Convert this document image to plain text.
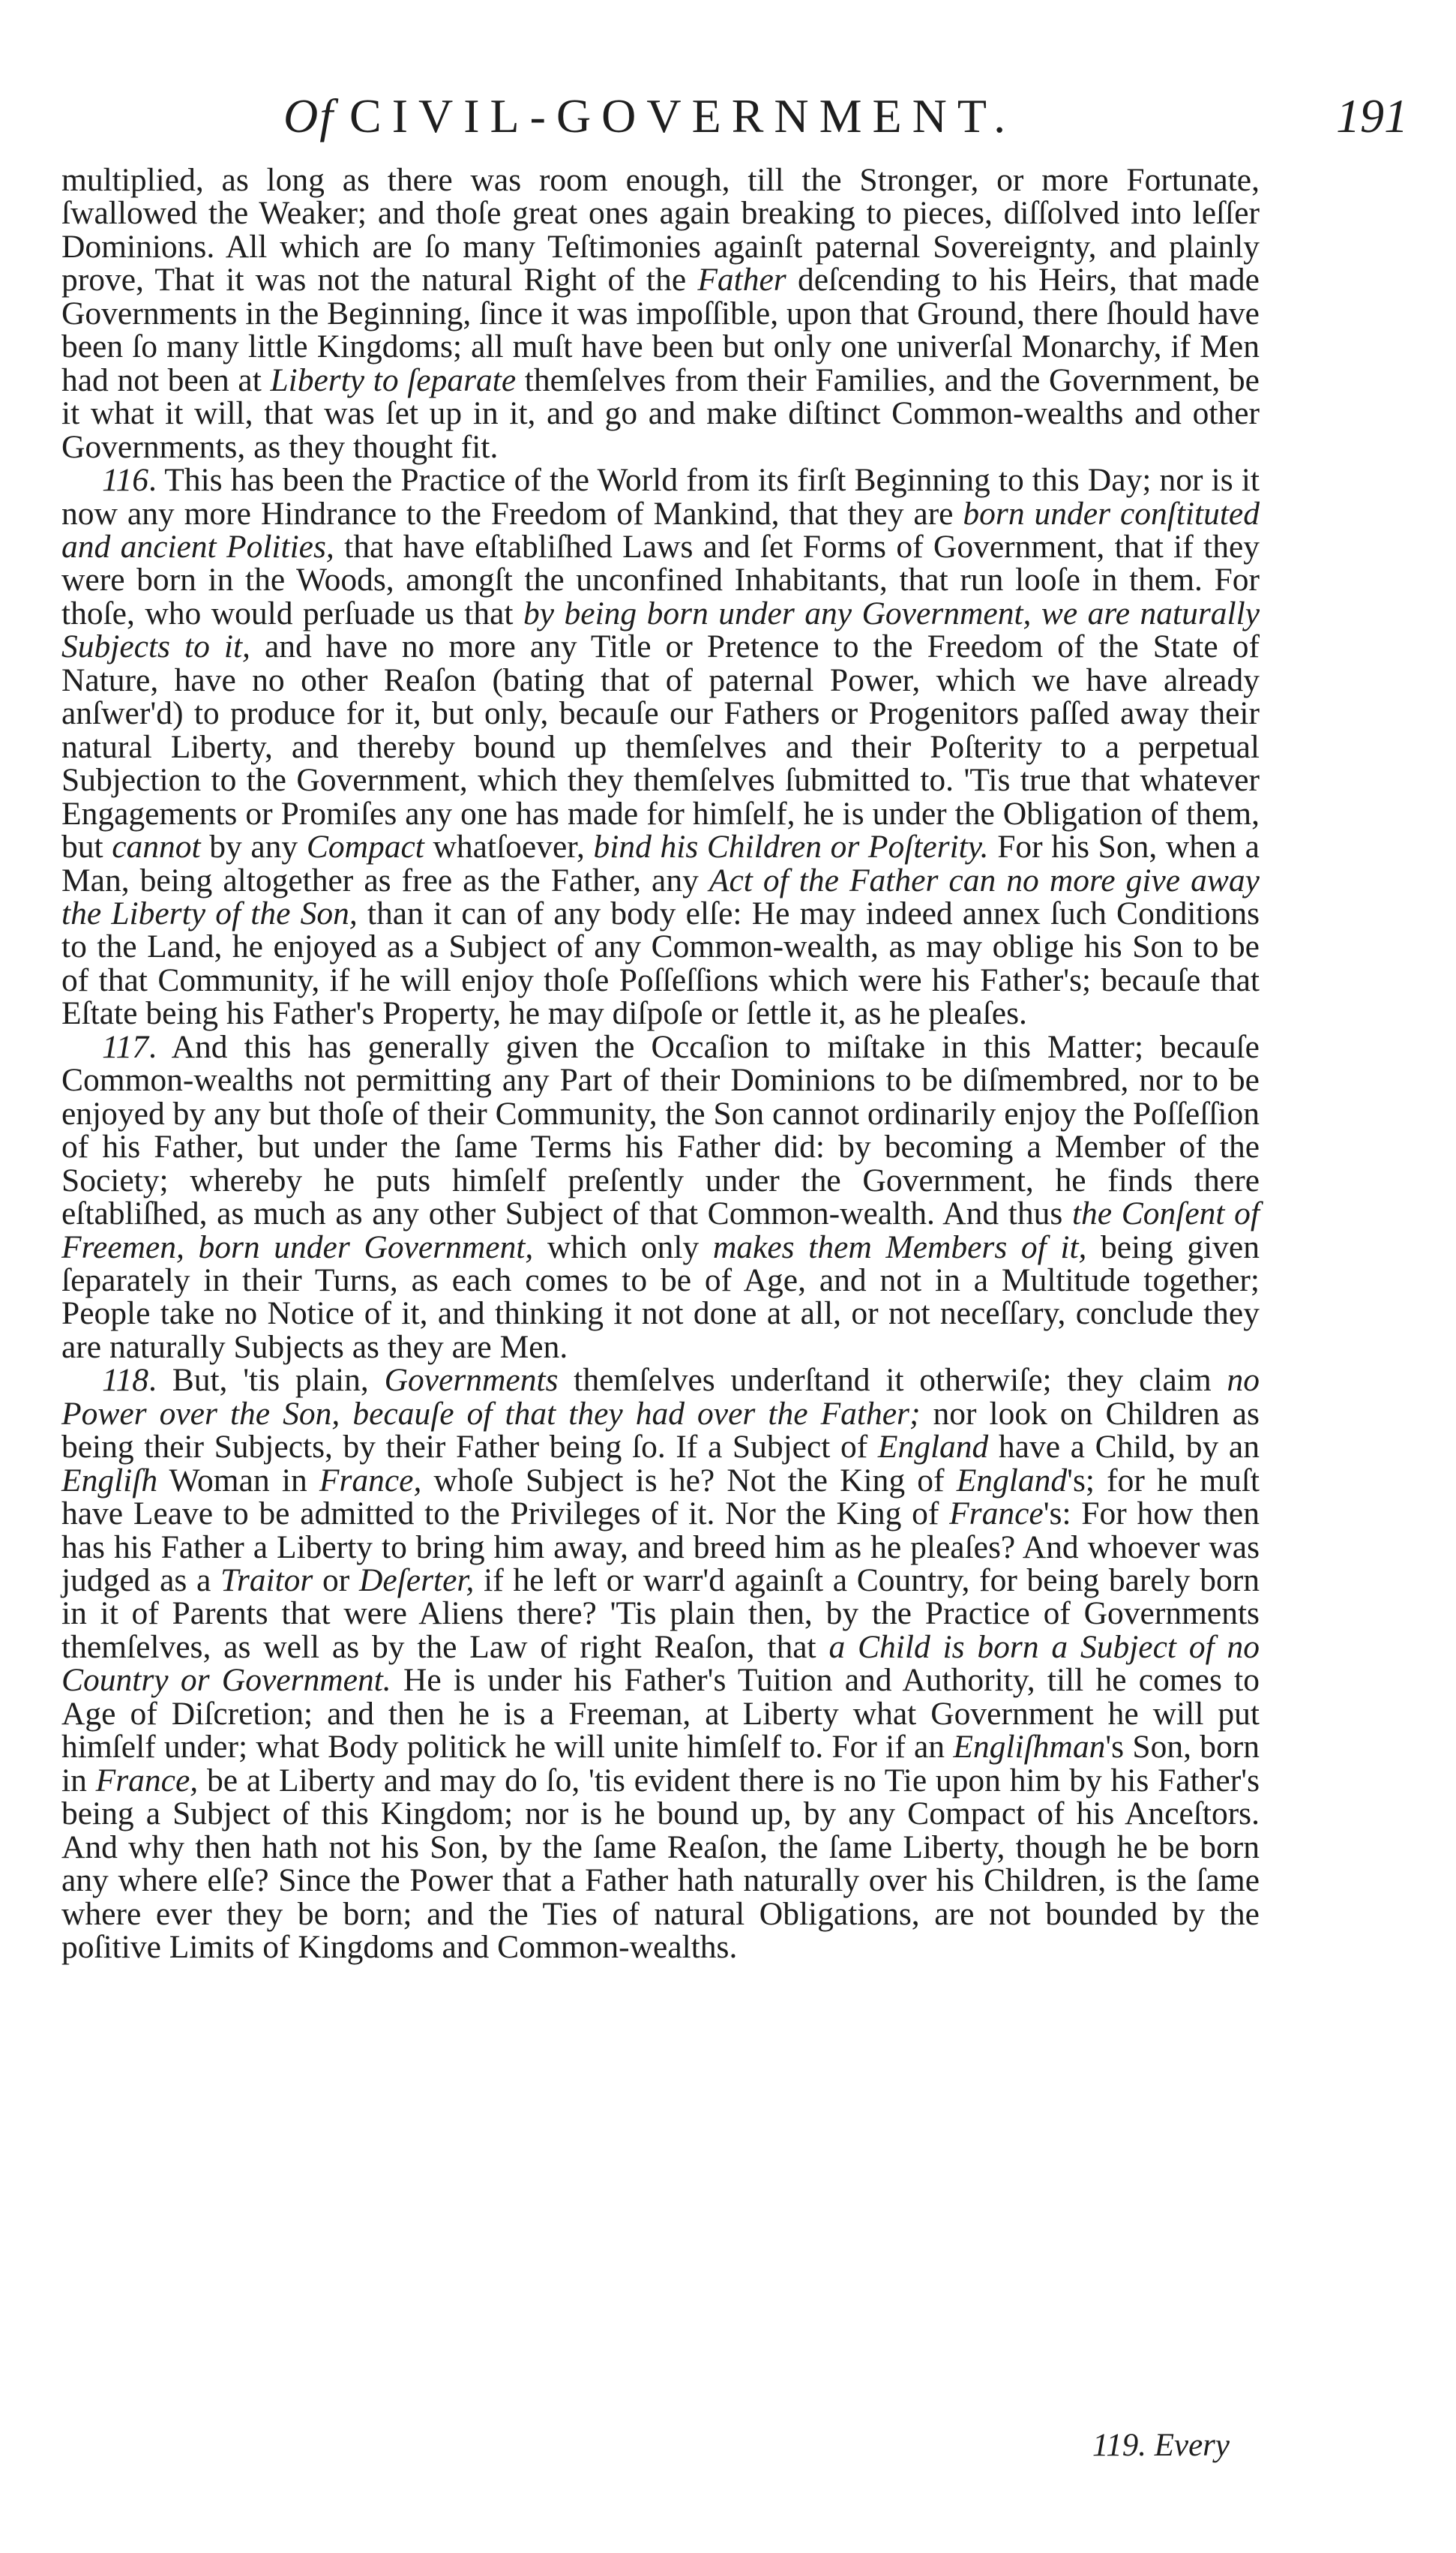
Of CIVIL-GOVERNMENT.	191

multiplied, as long as there was room enough, till the Stronger, or more Fortunate, ſwallowed the Weaker; and thoſe great ones again breaking to pieces, diſſolved into leſſer Dominions. All which are ſo many Teſtimonies againſt paternal Sovereignty, and plainly prove, That it was not the natural Right of the Father deſcending to his Heirs, that made Governments in the Beginning, ſince it was impoſſible, upon that Ground, there ſhould have been ſo many little Kingdoms; all muſt have been but only one univerſal Monarchy, if Men had not been at Liberty to ſeparate themſelves from their Families, and the Government, be it what it will, that was ſet up in it, and go and make diſtinct Common-wealths and other Governments, as they thought fit.

116. This has been the Practice of the World from its firſt Beginning to this Day; nor is it now any more Hindrance to the Freedom of Mankind, that they are born under conſtituted and ancient Polities, that have eſtabliſhed Laws and ſet Forms of Government, that if they were born in the Woods, amongſt the unconfined Inhabitants, that run looſe in them. For thoſe, who would perſuade us that by being born under any Government, we are naturally Subjects to it, and have no more any Title or Pretence to the Freedom of the State of Nature, have no other Reaſon (bating that of paternal Power, which we have already anſwer'd) to produce for it, but only, becauſe our Fathers or Progenitors paſſed away their natural Liberty, and thereby bound up themſelves and their Poſterity to a perpetual Subjection to the Government, which they themſelves ſubmitted to. 'Tis true that whatever Engagements or Promiſes any one has made for himſelf, he is under the Obligation of them, but cannot by any Compact whatſoever, bind his Children or Poſterity. For his Son, when a Man, being altogether as free as the Father, any Act of the Father can no more give away the Liberty of the Son, than it can of any body elſe: He may indeed annex ſuch Conditions to the Land, he enjoyed as a Subject of any Common-wealth, as may oblige his Son to be of that Community, if he will enjoy thoſe Poſſeſſions which were his Father's; becauſe that Eſtate being his Father's Property, he may diſpoſe or ſettle it, as he pleaſes.

117. And this has generally given the Occaſion to miſtake in this Matter; becauſe Common-wealths not permitting any Part of their Dominions to be diſmembred, nor to be enjoyed by any but thoſe of their Community, the Son cannot ordinarily enjoy the Poſſeſſion of his Father, but under the ſame Terms his Father did: by becoming a Member of the Society; whereby he puts himſelf preſently under the Government, he finds there eſtabliſhed, as much as any other Subject of that Common-wealth. And thus the Conſent of Freemen, born under Government, which only makes them Members of it, being given ſeparately in their Turns, as each comes to be of Age, and not in a Multitude together; People take no Notice of it, and thinking it not done at all, or not neceſſary, conclude they are naturally Subjects as they are Men.

118. But, 'tis plain, Governments themſelves underſtand it otherwiſe; they claim no Power over the Son, becauſe of that they had over the Father; nor look on Children as being their Subjects, by their Father being ſo. If a Subject of England have a Child, by an Engliſh Woman in France, whoſe Subject is he? Not the King of England's; for he muſt have Leave to be admitted to the Privileges of it. Nor the King of France's: For how then has his Father a Liberty to bring him away, and breed him as he pleaſes? And whoever was judged as a Traitor or Deſerter, if he left or warr'd againſt a Country, for being barely born in it of Parents that were Aliens there? 'Tis plain then, by the Practice of Governments themſelves, as well as by the Law of right Reaſon, that a Child is born a Subject of no Country or Government. He is under his Father's Tuition and Authority, till he comes to Age of Diſcretion; and then he is a Freeman, at Liberty what Government he will put himſelf under; what Body politick he will unite himſelf to. For if an Engliſhman's Son, born in France, be at Liberty and may do ſo, 'tis evident there is no Tie upon him by his Father's being a Subject of this Kingdom; nor is he bound up, by any Compact of his Anceſtors. And why then hath not his Son, by the ſame Reaſon, the ſame Liberty, though he be born any where elſe? Since the Power that a Father hath naturally over his Children, is the ſame where ever they be born; and the Ties of natural Obligations, are not bounded by the poſitive Limits of Kingdoms and Common-wealths.

119. Every
